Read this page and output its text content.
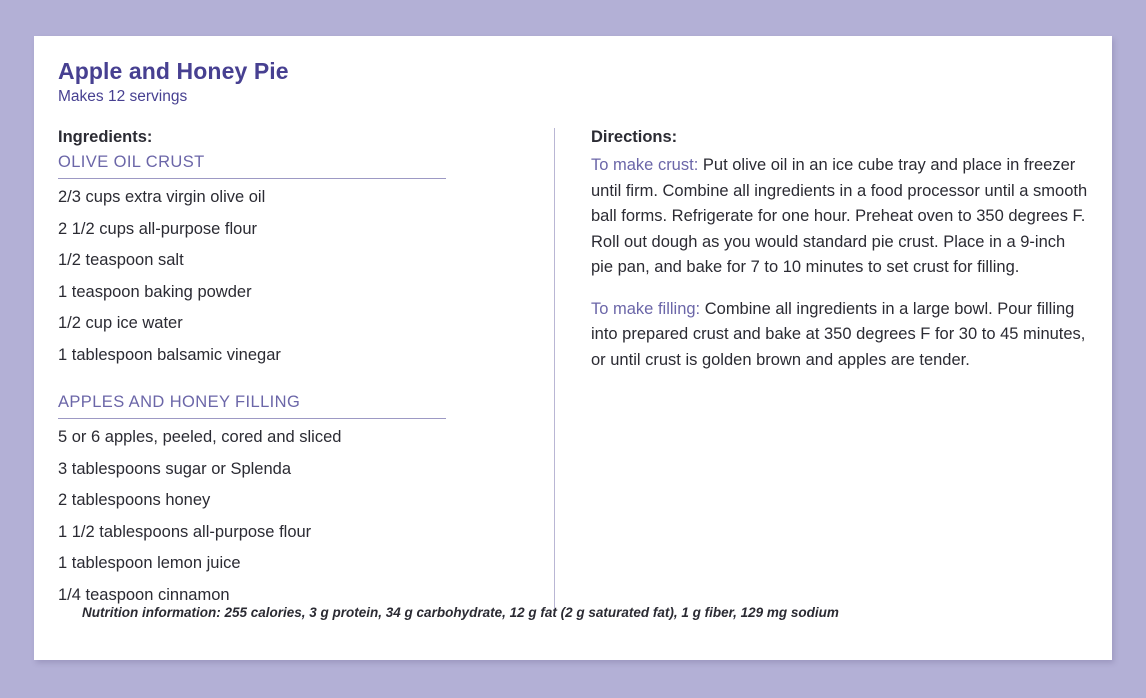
Apple and Honey Pie
Makes 12 servings
Ingredients:
OLIVE OIL CRUST
2/3 cups extra virgin olive oil
2 1/2 cups all-purpose flour
1/2 teaspoon salt
1 teaspoon baking powder
1/2 cup ice water
1 tablespoon balsamic vinegar
APPLES AND HONEY FILLING
5 or 6 apples, peeled, cored and sliced
3 tablespoons sugar or Splenda
2 tablespoons honey
1 1/2 tablespoons all-purpose flour
1 tablespoon lemon juice
1/4 teaspoon cinnamon
Directions:

To make crust: Put olive oil in an ice cube tray and place in freezer until firm. Combine all ingredients in a food processor until a smooth ball forms. Refrigerate for one hour. Preheat oven to 350 degrees F. Roll out dough as you would standard pie crust. Place in a 9-inch pie pan, and bake for 7 to 10 minutes to set crust for filling.

To make filling: Combine all ingredients in a large bowl. Pour filling into prepared crust and bake at 350 degrees F for 30 to 45 minutes, or until crust is golden brown and apples are tender.

Nutrition information: 255 calories, 3 g protein, 34 g carbohydrate, 12 g fat (2 g saturated fat), 1 g fiber, 129 mg sodium
